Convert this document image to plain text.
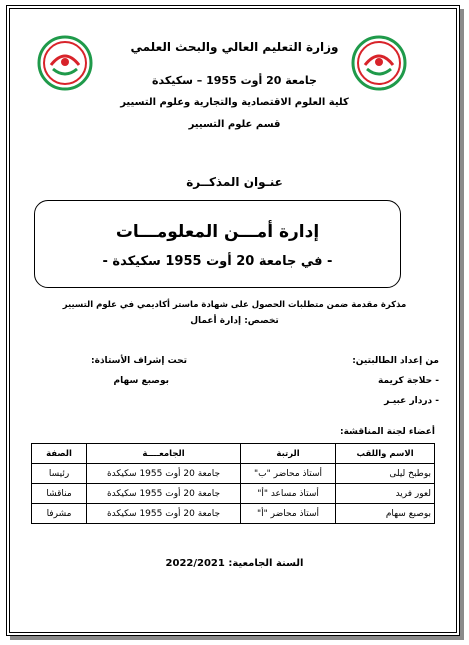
وزارة التعليم العالي والبحث العلمي
جامعة 20 أوت 1955 – سكيكدة
كلية العلوم الاقتصادية والتجارية وعلوم التسيير
قسم علوم التسيير
عنـوان المذكــرة
إدارة أمـــن المعلومـــات
- في جامعة 20 أوت 1955 سكيكدة -
مذكرة مقدمة ضمن متطلبات الحصول على شهادة ماستر أكاديمي في علوم التسيير
تخصص: إدارة أعمال
من إعداد الطالبتين:
- حلاجة كريمة
- دردار عبيـر
تحت إشراف الأستاذة:
بوصبع سهام
أعضاء لجنة المناقشة:
الاسم واللقب	الرتبة	الجامعــــة	الصفة
بوطبخ ليلى	أستاذ محاضر "ب"	جامعة 20 أوت 1955 سكيكدة	رئيسا
لعور فريد	أستاذ مساعد "أ"	جامعة 20 أوت 1955 سكيكدة	مناقشا
بوصبع سهام	أستاذ محاضر "أ"	جامعة 20 أوت 1955 سكيكدة	مشرفا
السنة الجامعية: 2022/2021
